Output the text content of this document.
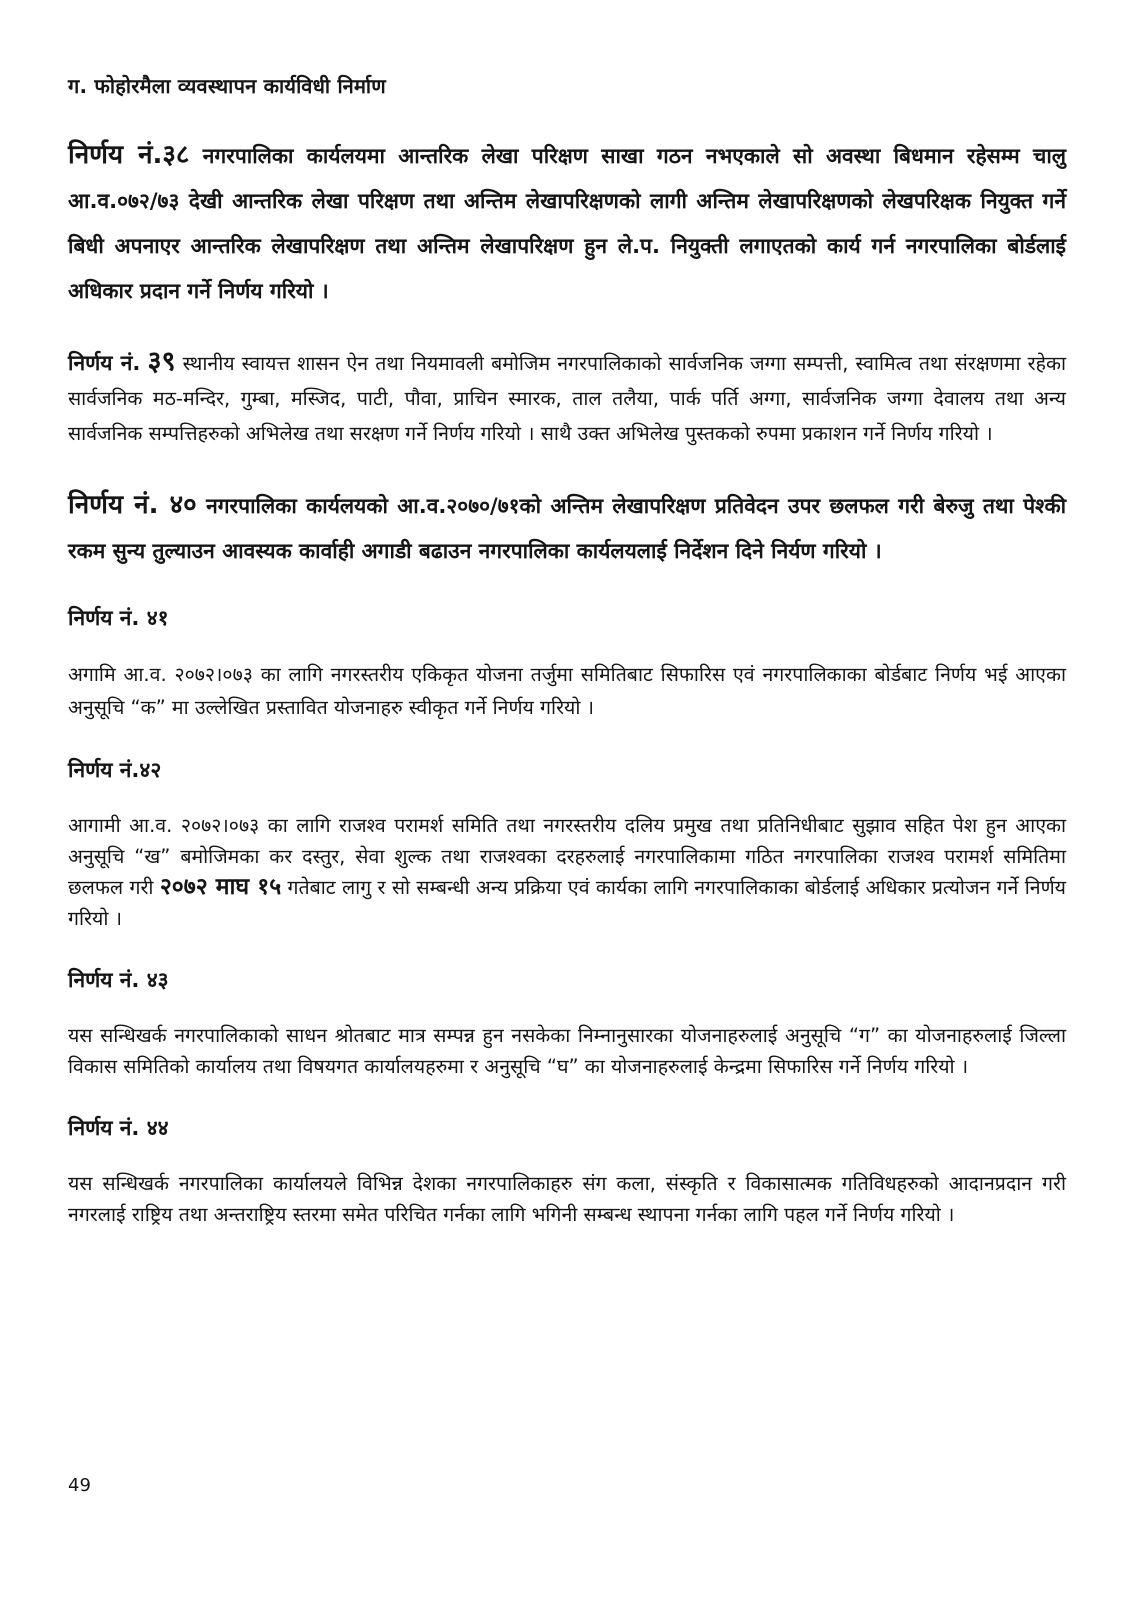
ग. फोहोरमैला व्यवस्थापन कार्यविधी निर्माण

निर्णय नं.३८ नगरपालिका कार्यलयमा आन्तरिक लेखा परिक्षण साखा गठन नभएकाले सो अवस्था बिधमान रहेसम्म चालु आ.व.०७२/७३ देखी आन्तरिक लेखा परिक्षण तथा अन्तिम लेखापरिक्षणको लागी अन्तिम लेखापरिक्षणको लेखपरिक्षक नियुक्त गर्ने बिधी अपनाएर आन्तरिक लेखापरिक्षण तथा अन्तिम लेखापरिक्षण हुन ले.प. नियुक्ती लगाएतको कार्य गर्न नगरपालिका बोर्डलाई अधिकार प्रदान गर्ने निर्णय गरियो ।

निर्णय नं. ३९ स्थानीय स्वायत्त शासन ऐन तथा नियमावली बमोजिम नगरपालिकाको सार्वजनिक जग्गा सम्पत्ती, स्वामित्व तथा संरक्षणमा रहेका सार्वजनिक मठ-मन्दिर, गुम्बा, मस्जिद, पाटी, पौवा, प्राचिन स्मारक, ताल तलैया, पार्क पर्ति अग्गा, सार्वजनिक जग्गा देवालय तथा अन्य सार्वजनिक सम्पत्तिहरुको अभिलेख तथा सरक्षण गर्ने निर्णय गरियो । साथै उक्त अभिलेख पुस्तकको रुपमा प्रकाशन गर्ने निर्णय गरियो ।

निर्णय नं. ४० नगरपालिका कार्यलयको आ.व.२०७०/७१को अन्तिम लेखापरिक्षण प्रतिवेदन उपर छलफल गरी बेरुजु तथा पेश्की रकम सुन्य तुल्याउन आवस्यक कार्वाही अगाडी बढाउन नगरपालिका कार्यलयलाई निर्देशन दिने निर्यण गरियो ।

निर्णय नं. ४१

अगामि आ.व. २०७२।०७३ का लागि नगरस्तरीय एकिकृत योजना तर्जुमा समितिबाट सिफारिस एवं नगरपालिकाका बोर्डबाट निर्णय भई आएका अनुसूचि “क” मा उल्लेखित प्रस्तावित योजनाहरु स्वीकृत गर्ने निर्णय गरियो ।

निर्णय नं.४२

आगामी आ.व. २०७२।०७३ का लागि राजश्व परामर्श समिति तथा नगरस्तरीय दलिय प्रमुख तथा प्रतिनिधीबाट सुझाव सहित पेश हुन आएका अनुसूचि “ख” बमोजिमका कर दस्तुर, सेवा शुल्क तथा राजश्वका दरहरुलाई नगरपालिकामा गठित नगरपालिका राजश्व परामर्श समितिमा छलफल गरी २०७२ माघ १५ गतेबाट लागु र सो सम्बन्धी अन्य प्रक्रिया एवं कार्यका लागि नगरपालिकाका बोर्डलाई अधिकार प्रत्योजन गर्ने निर्णय गरियो ।

निर्णय नं. ४३

यस सन्धिखर्क नगरपालिकाको साधन श्रोतबाट मात्र सम्पन्न हुन नसकेका निम्नानुसारका योजनाहरुलाई अनुसूचि “ग” का योजनाहरुलाई जिल्ला विकास समितिको कार्यालय तथा विषयगत कार्यालयहरुमा र अनुसूचि “घ” का योजनाहरुलाई केन्द्रमा सिफारिस गर्ने निर्णय गरियो ।

निर्णय नं. ४४

यस सन्धिखर्क नगरपालिका कार्यालयले विभिन्न देशका नगरपालिकाहरु संग कला, संस्कृति र विकासात्मक गतिविधहरुको आदानप्रदान गरी नगरलाई राष्ट्रिय तथा अन्तराष्ट्रिय स्तरमा समेत परिचित गर्नका लागि भगिनी सम्बन्ध स्थापना गर्नका लागि पहल गर्ने निर्णय गरियो ।

49
